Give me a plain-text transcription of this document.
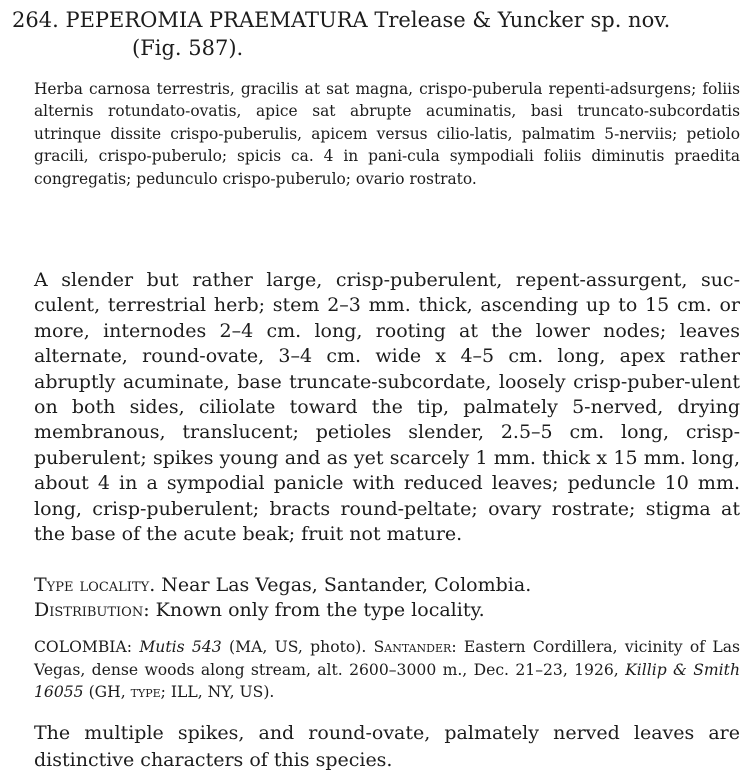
264. PEPEROMIA PRAEMATURA Trelease & Yuncker sp. nov.
(Fig. 587).
Herba carnosa terrestris, gracilis at sat magna, crispo-puberula repenti-adsurgens; foliis alternis rotundato-ovatis, apice sat abrupte acuminatis, basi truncato-subcordatis utrinque dissite crispo-puberulis, apicem versus cilio-latis, palmatim 5-nerviis; petiolo gracili, crispo-puberulo; spicis ca. 4 in pani-cula sympodiali foliis diminutis praedita congregatis; pedunculo crispo-puberulo; ovario rostrato.

A slender but rather large, crisp-puberulent, repent-assurgent, suc-culent, terrestrial herb; stem 2–3 mm. thick, ascending up to 15 cm. or more, internodes 2–4 cm. long, rooting at the lower nodes; leaves alternate, round-ovate, 3–4 cm. wide x 4–5 cm. long, apex rather abruptly acuminate, base truncate-subcordate, loosely crisp-puber-ulent on both sides, ciliolate toward the tip, palmately 5-nerved, drying membranous, translucent; petioles slender, 2.5–5 cm. long, crisp-puberulent; spikes young and as yet scarcely 1 mm. thick x 15 mm. long, about 4 in a sympodial panicle with reduced leaves; peduncle 10 mm. long, crisp-puberulent; bracts round-peltate; ovary rostrate; stigma at the base of the acute beak; fruit not mature.

Type locality. Near Las Vegas, Santander, Colombia.
Distribution: Known only from the type locality.
COLOMBIA: Mutis 543 (MA, US, photo). Santander: Eastern Cordillera, vicinity of Las Vegas, dense woods along stream, alt. 2600–3000 m., Dec. 21–23, 1926, Killip & Smith 16055 (GH, type; ILL, NY, US).
The multiple spikes, and round-ovate, palmately nerved leaves are distinctive characters of this species.
